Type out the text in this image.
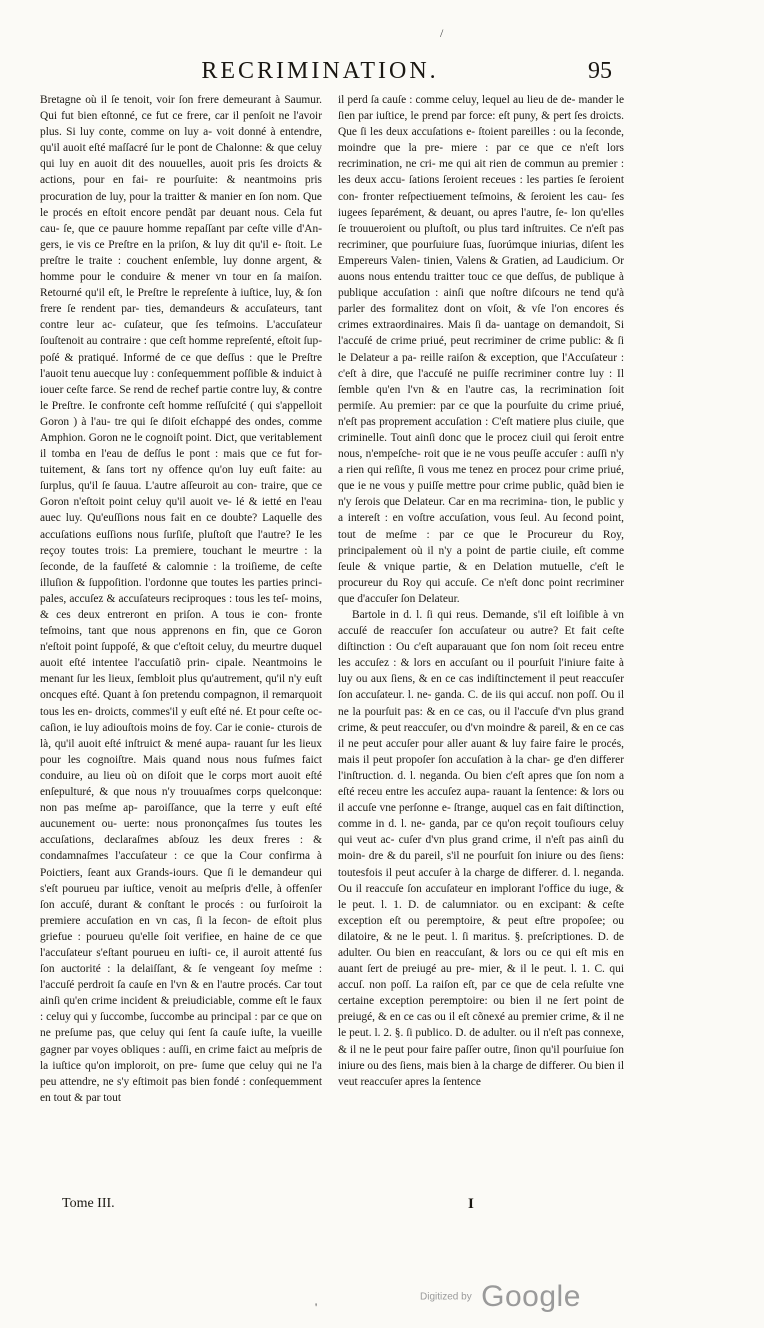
/
RECRIMINATION.	95

Bretagne où il ſe tenoit, voir ſon frere demeurant à Saumur. Qui fut bien eſtonné, ce fut ce frere, car il penſoit ne l'avoir plus. Si luy conte, comme on luy a- voit donné à entendre, qu'il auoit eſté maſſacré ſur le pont de Chalonne: & que celuy qui luy en auoit dit des nouuelles, auoit pris ſes droicts & actions, pour en fai- re pourſuite: & neantmoins pris procuration de luy, pour la traitter & manier en ſon nom. Que le procés en eſtoit encore pendãt par deuant nous. Cela fut cau- ſe, que ce pauure homme repaſſant par ceſte ville d'An- gers, ie vis ce Preſtre en la priſon, & luy dit qu'il e- ſtoit. Le preſtre le traite : couchent enſemble, luy donne argent, & homme pour le conduire & mener vn tour en ſa maiſon. Retourné qu'il eſt, le Preſtre le repreſente à iuſtice, luy, & ſon frere ſe rendent par- ties, demandeurs & accuſateurs, tant contre leur ac- cuſateur, que ſes teſmoins. L'accuſateur ſouſtenoit au contraire : que ceſt homme repreſenté, eſtoit ſup- poſé & pratiqué. Informé de ce que deſſus : que le Preſtre l'auoit tenu auecque luy : conſequemment poſſible & induict à iouer ceſte farce. Se rend de rechef partie contre luy, & contre le Preſtre. Ie confronte ceſt homme reſſuſcité ( qui s'appelloit Goron ) à l'au- tre qui ſe diſoit eſchappé des ondes, comme Amphion. Goron ne le cognoiſt point. Dict, que veritablement il tomba en l'eau de deſſus le pont : mais que ce fut for- tuitement, & ſans tort ny offence qu'on luy euſt faite: au ſurplus, qu'il ſe ſauua. L'autre aſſeuroit au con- traire, que ce Goron n'eſtoit point celuy qu'il auoit ve- lé & ietté en l'eau auec luy. Qu'euſſions nous fait en ce doubte? Laquelle des accuſations euſſions nous ſurſiſe, pluſtoſt que l'autre? Ie les reçoy toutes trois: La premiere, touchant le meurtre : la ſeconde, de la fauſſeté & calomnie : la troiſieme, de ceſte illuſion & ſuppoſition. l'ordonne que toutes les parties princi- pales, accuſez & accuſateurs reciproques : tous les teſ- moins, & ces deux entreront en priſon. A tous ie con- fronte teſmoins, tant que nous apprenons en fin, que ce Goron n'eſtoit point ſuppoſé, & que c'eſtoit celuy, du meurtre duquel auoit eſté intentee l'accuſatiõ prin- cipale. Neantmoins le menant ſur les lieux, ſembloit plus qu'autrement, qu'il n'y euſt oncques eſté. Quant à ſon pretendu compagnon, il remarquoit tous les en- droicts, commes'il y euſt eſté né. Et pour ceſte oc- caſion, ie luy adiouſtois moins de foy. Car ie conie- cturois de là, qu'il auoit eſté inſtruict & mené aupa- rauant ſur les lieux pour les cognoiſtre. Mais quand nous nous fuſmes faict conduire, au lieu où on diſoit que le corps mort auoit eſté enſepulturé, & que nous n'y trouuaſmes corps quelconque: non pas meſme ap- paroiſſance, que la terre y euſt eſté aucunement ou- uerte: nous prononçaſmes ſus toutes les accuſations, declaraſmes abſouz les deux freres : & condamnaſmes l'accuſateur : ce que la Cour confirma à Poictiers, ſeant aux Grands-iours. Que ſi le demandeur qui s'eſt pourueu par iuſtice, venoit au meſpris d'elle, à offenſer ſon accuſé, durant & conſtant le procés : ou furſoiroit la premiere accuſation en vn cas, ſi la ſecon- de eſtoit plus griefue : pourueu qu'elle ſoit verifiee, en haine de ce que l'accuſateur s'eſtant pourueu en iuſti- ce, il auroit attenté ſus ſon auctorité : la delaiſſant, & ſe vengeant ſoy meſme : l'accuſé perdroit ſa cauſe en l'vn & en l'autre procés. Car tout ainſi qu'en crime incident & preiudiciable, comme eſt le faux : celuy qui y ſuccombe, ſuccombe au principal : par ce que on ne preſume pas, que celuy qui ſent ſa cauſe iuſte, la vueille gagner par voyes obliques : auſſi, en crime faict au meſpris de la iuſtice qu'on imploroit, on pre- ſume que celuy qui ne l'a peu attendre, ne s'y eſtimoit pas bien fondé : conſequemment en tout & par tout

il perd ſa cauſe : comme celuy, lequel au lieu de de- mander le ſien par iuſtice, le prend par force: eſt puny, & pert ſes droicts. Que ſi les deux accuſations e- ſtoient pareilles : ou la ſeconde, moindre que la pre- miere : par ce que ce n'eſt lors recrimination, ne cri- me qui ait rien de commun au premier : les deux accu- ſations ſeroient receues : les parties ſe ſeroient con- fronter reſpectiuement teſmoins, & ſeroient les cau- ſes iugees ſeparément, & deuant, ou apres l'autre, ſe- lon qu'elles ſe trouueroient ou pluſtoſt, ou plus tard inſtruites. Ce n'eſt pas recriminer, que pourſuiure ſuas, ſuorúmque iniurias, diſent les Empereurs Valen- tinien, Valens & Gratien, ad Laudicium. Or auons nous entendu traitter touc ce que deſſus, de publique à publique accuſation : ainſi que noſtre diſcours ne tend qu'à parler des formalitez dont on vſoit, & vſe l'on encores és crimes extraordinaires. Mais ſi da- uantage on demandoit, Si l'accuſé de crime priué, peut recriminer de crime public: & ſi le Delateur a pa- reille raiſon & exception, que l'Accuſateur : c'eſt à dire, que l'accuſé ne puiſſe recriminer contre luy : Il ſemble qu'en l'vn & en l'autre cas, la recrimination ſoit permiſe. Au premier: par ce que la pourſuite du crime priué, n'eſt pas proprement accuſation : C'eſt matiere plus ciuile, que criminelle. Tout ainſi donc que le procez ciuil qui ſeroit entre nous, n'empeſche- roit que ie ne vous peuſſe accuſer : auſſi n'y a rien qui reſiſte, ſi vous me tenez en procez pour crime priué, que ie ne vous y puiſſe mettre pour crime public, quãd bien ie n'y ſerois que Delateur. Car en ma recrimina- tion, le public y a intereſt : en voſtre accuſation, vous ſeul. Au ſecond point, tout de meſme : par ce que le Procureur du Roy, principalement où il n'y a point de partie ciuile, eſt comme ſeule & vnique partie, & en Delation mutuelle, c'eſt le procureur du Roy qui accuſe. Ce n'eſt donc point recriminer que d'accuſer ſon Delateur.

Bartole in d. l. ſi qui reus. Demande, s'il eſt loiſible à vn accuſé de reaccuſer ſon accuſateur ou autre? Et fait ceſte diſtinction : Ou c'eſt auparauant que ſon nom ſoit receu entre les accuſez : & lors en accuſant ou il pourſuit l'iniure faite à luy ou aux ſiens, & en ce cas indiſtinctement il peut reaccuſer ſon accuſateur. l. ne- ganda. C. de iis qui accuſ. non poſſ. Ou il ne la pourſuit pas: & en ce cas, ou il l'accuſe d'vn plus grand crime, & peut reaccuſer, ou d'vn moindre & pareil, & en ce cas il ne peut accuſer pour aller auant & luy faire faire le procés, mais il peut propoſer ſon accuſation à la char- ge d'en differer l'inſtruction. d. l. neganda. Ou bien c'eſt apres que ſon nom a eſté receu entre les accuſez aupa- rauant la ſentence: & lors ou il accuſe vne perſonne e- ſtrange, auquel cas en fait diſtinction, comme in d. l. ne- ganda, par ce qu'on reçoit touſiours celuy qui veut ac- cuſer d'vn plus grand crime, il n'eſt pas ainſi du moin- dre & du pareil, s'il ne pourſuit ſon iniure ou des ſiens: toutesfois il peut accuſer à la charge de differer. d. l. neganda. Ou il reaccuſe ſon accuſateur en implorant l'office du iuge, & le peut. l. 1. D. de calumniator. ou en excipant: & ceſte exception eſt ou peremptoire, & peut eſtre propoſee; ou dilatoire, & ne le peut. l. ſi maritus. §. preſcriptiones. D. de adulter. Ou bien en reaccuſant, & lors ou ce qui eſt mis en auant ſert de preiugé au pre- mier, & il le peut. l. 1. C. qui accuſ. non poſſ. La raiſon eſt, par ce que de cela reſulte vne certaine exception peremptoire: ou bien il ne ſert point de preiugé, & en ce cas ou il eſt cõnexé au premier crime, & il ne le peut. l. 2. §. ſi publico. D. de adulter. ou il n'eſt pas connexe, & il ne le peut pour faire paſſer outre, ſinon qu'il pourſuiue ſon iniure ou des ſiens, mais bien à la charge de differer. Ou bien il veut reaccuſer apres la ſentence

Tome III.	I
'
Digitized by Google
